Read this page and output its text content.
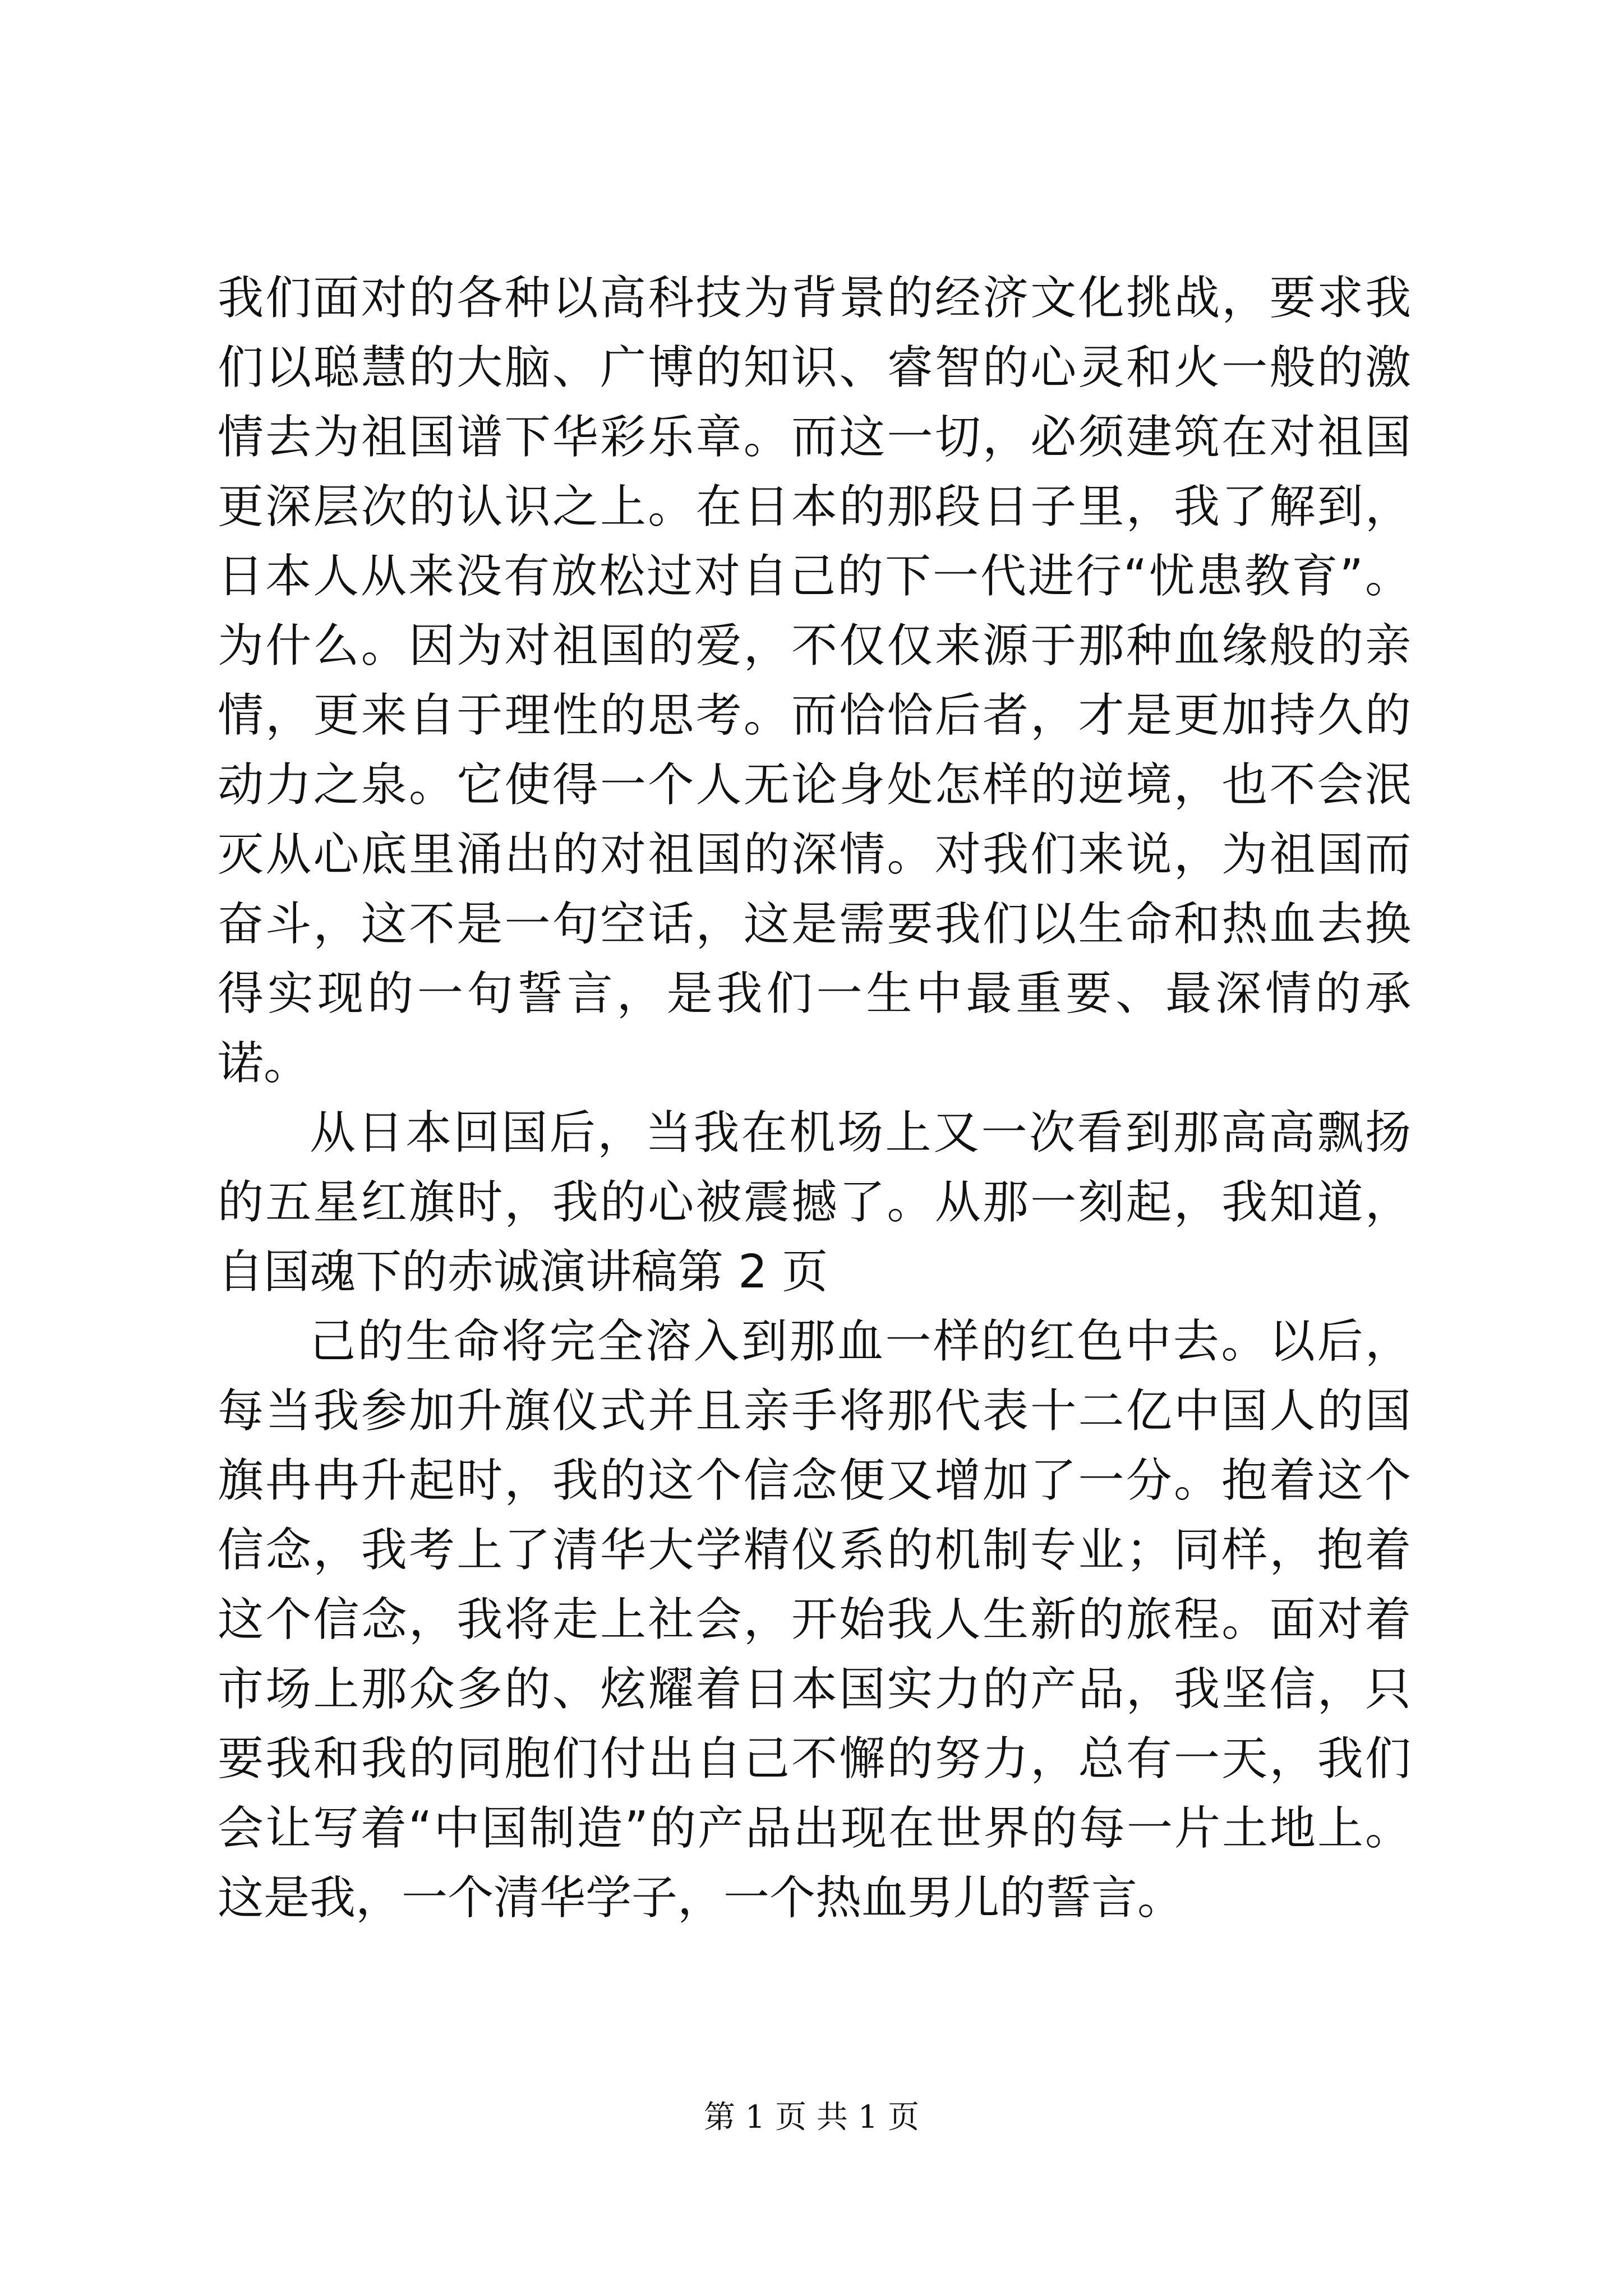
我们面对的各种以高科技为背景的经济文化挑战，要求我们以聪慧的大脑、广博的知识、睿智的心灵和火一般的激情去为祖国谱下华彩乐章。而这一切，必须建筑在对祖国更深层次的认识之上。在日本的那段日子里，我了解到，日本人从来没有放松过对自己的下一代进行“忧患教育”。为什么。因为对祖国的爱，不仅仅来源于那种血缘般的亲情，更来自于理性的思考。而恰恰后者，才是更加持久的动力之泉。它使得一个人无论身处怎样的逆境，也不会泯灭从心底里涌出的对祖国的深情。对我们来说，为祖国而奋斗，这不是一句空话，这是需要我们以生命和热血去换得实现的一句誓言，是我们一生中最重要、最深情的承诺。

从日本回国后，当我在机场上又一次看到那高高飘扬的五星红旗时，我的心被震撼了。从那一刻起，我知道，自国魂下的赤诚演讲稿第 2 页

己的生命将完全溶入到那血一样的红色中去。以后，每当我参加升旗仪式并且亲手将那代表十二亿中国人的国旗冉冉升起时，我的这个信念便又增加了一分。抱着这个信念，我考上了清华大学精仪系的机制专业；同样，抱着这个信念，我将走上社会，开始我人生新的旅程。面对着市场上那众多的、炫耀着日本国实力的产品，我坚信，只要我和我的同胞们付出自己不懈的努力，总有一天，我们会让写着“中国制造”的产品出现在世界的每一片土地上。这是我，一个清华学子，一个热血男儿的誓言。

第 1 页 共 1 页
